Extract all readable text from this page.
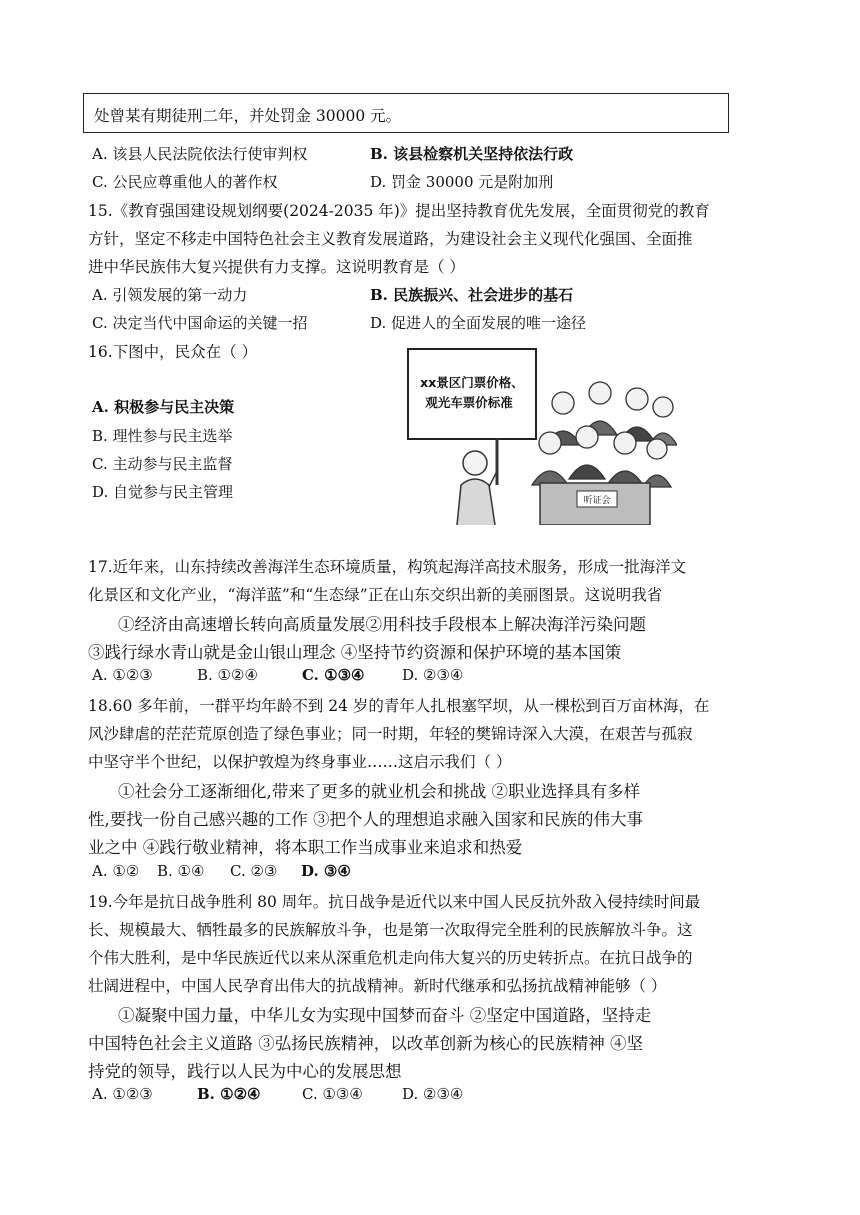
处曾某有期徒刑二年，并处罚金 30000 元。
A. 该县人民法院依法行使审判权	B. 该县检察机关坚持依法行政
C. 公民应尊重他人的著作权	D. 罚金 30000 元是附加刑
15.《教育强国建设规划纲要(2024-2035 年)》提出坚持教育优先发展，全面贯彻党的教育
方针，坚定不移走中国特色社会主义教育发展道路，为建设社会主义现代化强国、全面推
进中华民族伟大复兴提供有力支撑。这说明教育是（ ）
A. 引领发展的第一动力	B. 民族振兴、社会进步的基石
C. 决定当代中国命运的关键一招	D. 促进人的全面发展的唯一途径
16.下图中，民众在（ ）
A. 积极参与民主决策
B. 理性参与民主选举
C. 主动参与民主监督
D. 自觉参与民主管理
xx景区门票价格、
观光车票价标准
听证会
17.近年来，山东持续改善海洋生态环境质量，构筑起海洋高技术服务，形成一批海洋文
化景区和文化产业，“海洋蓝”和“生态绿”正在山东交织出新的美丽图景。这说明我省
①经济由高速增长转向高质量发展②用科技手段根本上解决海洋污染问题
③践行绿水青山就是金山银山理念 ④坚持节约资源和保护环境的基本国策
A. ①②③	B. ①②④	C. ①③④	D. ②③④
18.60 多年前，一群平均年龄不到 24 岁的青年人扎根塞罕坝，从一棵松到百万亩林海，在
风沙肆虐的茫茫荒原创造了绿色事业；同一时期，年轻的樊锦诗深入大漠，在艰苦与孤寂
中坚守半个世纪，以保护敦煌为终身事业……这启示我们（ ）
①社会分工逐渐细化,带来了更多的就业机会和挑战 ②职业选择具有多样
性,要找一份自己感兴趣的工作 ③把个人的理想追求融入国家和民族的伟大事
业之中 ④践行敬业精神，将本职工作当成事业来追求和热爱
A. ①② B. ①④ C. ②③ D. ③④
19.今年是抗日战争胜利 80 周年。抗日战争是近代以来中国人民反抗外敌入侵持续时间最
长、规模最大、牺牲最多的民族解放斗争，也是第一次取得完全胜利的民族解放斗争。这
个伟大胜利，是中华民族近代以来从深重危机走向伟大复兴的历史转折点。在抗日战争的
壮阔进程中，中国人民孕育出伟大的抗战精神。新时代继承和弘扬抗战精神能够（ ）
①凝聚中国力量，中华儿女为实现中国梦而奋斗 ②坚定中国道路，坚持走
中国特色社会主义道路 ③弘扬民族精神，以改革创新为核心的民族精神 ④坚
持党的领导，践行以人民为中心的发展思想
A. ①②③	B. ①②④	C. ①③④	D. ②③④
